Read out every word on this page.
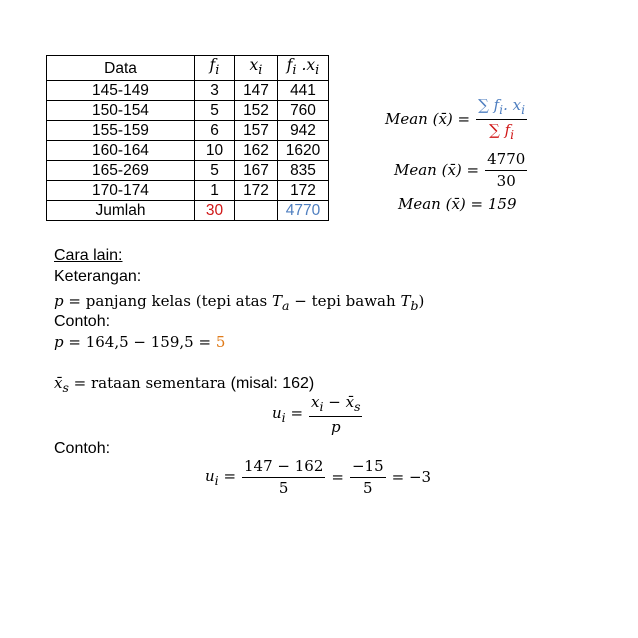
Data	$f_i$	$x_i$	$f_i$ $.x_i$
145-149	3	147	441
150-154	5	152	760
155-159	6	157	942
160-164	10	162	1620
165-269	5	167	835
170-174	1	172	172
Jumlah	30		4770
Mean (x̄) = $\frac{\sum f_i. x_i}{\sum f_i}$
Mean (x̄) = $\frac{4770}{30}$
Mean (x̄) = 159
Cara lain:
Keterangan:
p = panjang kelas (tepi atas $T_a$ − tepi bawah $T_b$)
Contoh:
p = 164,5 − 159,5 = 5
$x̄_s$ = rataan sementara (misal: 162)
$u_i = \frac{x_i - x̄_s}{p}$
Contoh:
$u_i = \frac{147 - 162}{5} = \frac{-15}{5} = -3$
